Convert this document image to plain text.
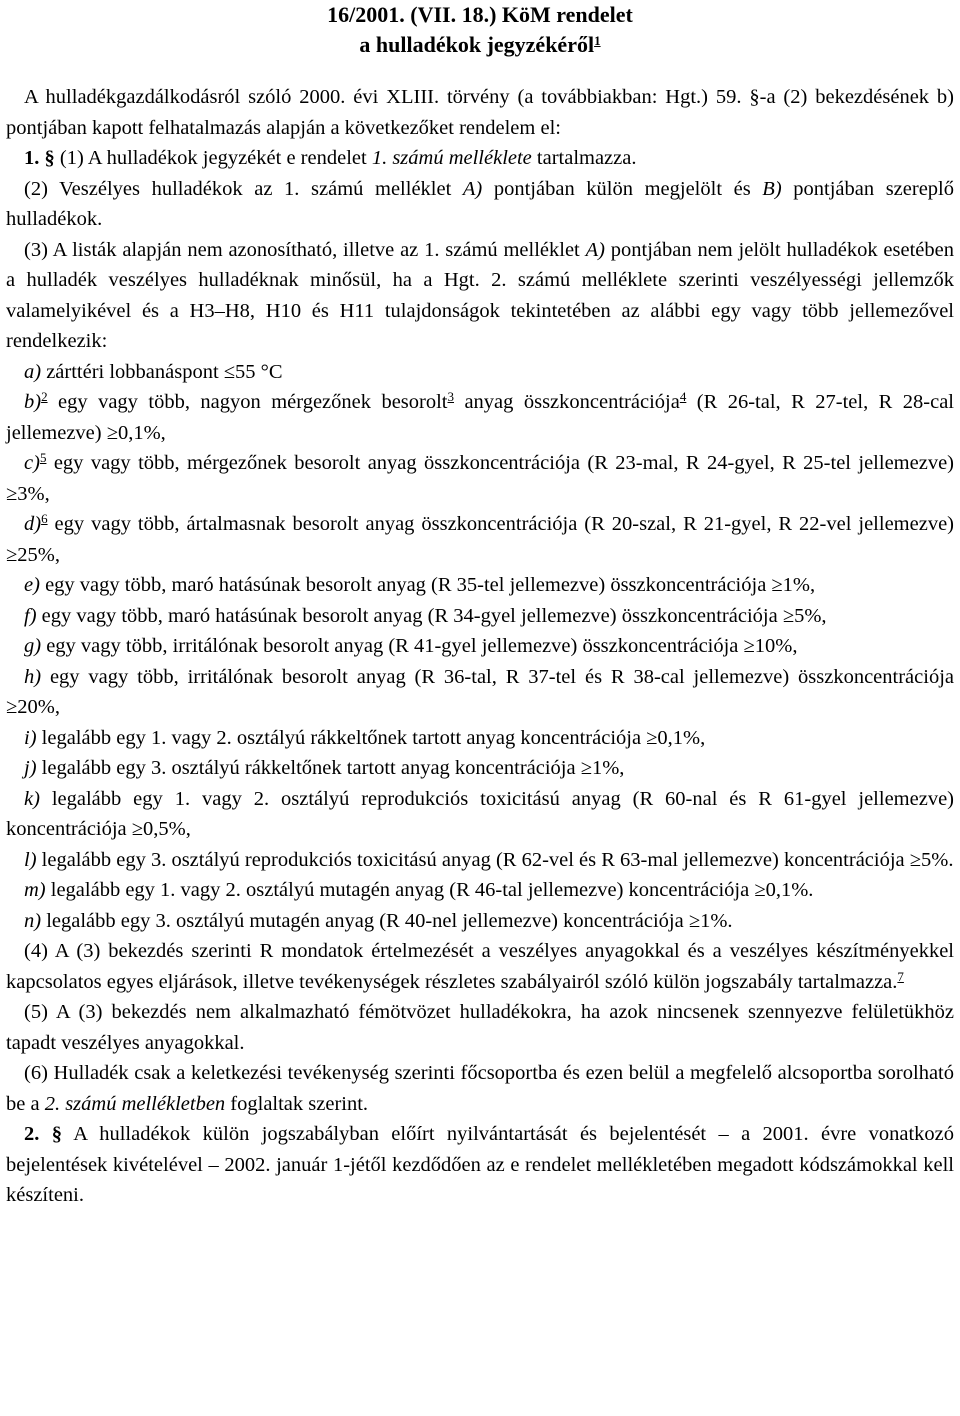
16/2001. (VII. 18.) KöM rendelet
a hulladékok jegyzékéről$^1$

A hulladékgazdálkodásról szóló 2000. évi XLIII. törvény (a továbbiakban: Hgt.) 59. §-a (2) bekezdésének b) pontjában kapott felhatalmazás alapján a következőket rendelem el:

1. § (1) A hulladékok jegyzékét e rendelet 1. számú melléklete tartalmazza.

(2) Veszélyes hulladékok az 1. számú melléklet A) pontjában külön megjelölt és B) pontjában szereplő hulladékok.

(3) A listák alapján nem azonosítható, illetve az 1. számú melléklet A) pontjában nem jelölt hulladékok esetében a hulladék veszélyes hulladéknak minősül, ha a Hgt. 2. számú melléklete szerinti veszélyességi jellemzők valamelyikével és a H3–H8, H10 és H11 tulajdonságok tekintetében az alábbi egy vagy több jellemezővel rendelkezik:

a) zárttéri lobbanáspont ≤55 °C

b)$^2$ egy vagy több, nagyon mérgezőnek besorolt$^3$ anyag összkoncentrációja$^4$ (R 26-tal, R 27-tel, R 28-cal jellemezve) ≥0,1%,

c)$^5$ egy vagy több, mérgezőnek besorolt anyag összkoncentrációja (R 23-mal, R 24-gyel, R 25-tel jellemezve) ≥3%,

d)$^6$ egy vagy több, ártalmasnak besorolt anyag összkoncentrációja (R 20-szal, R 21-gyel, R 22-vel jellemezve) ≥25%,

e) egy vagy több, maró hatásúnak besorolt anyag (R 35-tel jellemezve) összkoncentrációja ≥1%,

f) egy vagy több, maró hatásúnak besorolt anyag (R 34-gyel jellemezve) összkoncentrációja ≥5%,

g) egy vagy több, irritálónak besorolt anyag (R 41-gyel jellemezve) összkoncentrációja ≥10%,

h) egy vagy több, irritálónak besorolt anyag (R 36-tal, R 37-tel és R 38-cal jellemezve) összkoncentrációja ≥20%,

i) legalább egy 1. vagy 2. osztályú rákkeltőnek tartott anyag koncentrációja ≥0,1%,

j) legalább egy 3. osztályú rákkeltőnek tartott anyag koncentrációja ≥1%,

k) legalább egy 1. vagy 2. osztályú reprodukciós toxicitású anyag (R 60-nal és R 61-gyel jellemezve) koncentrációja ≥0,5%,

l) legalább egy 3. osztályú reprodukciós toxicitású anyag (R 62-vel és R 63-mal jellemezve) koncentrációja ≥5%.

m) legalább egy 1. vagy 2. osztályú mutagén anyag (R 46-tal jellemezve) koncentrációja ≥0,1%.

n) legalább egy 3. osztályú mutagén anyag (R 40-nel jellemezve) koncentrációja ≥1%.

(4) A (3) bekezdés szerinti R mondatok értelmezését a veszélyes anyagokkal és a veszélyes készítményekkel kapcsolatos egyes eljárások, illetve tevékenységek részletes szabályairól szóló külön jogszabály tartalmazza.$^7$

(5) A (3) bekezdés nem alkalmazható fémötvözet hulladékokra, ha azok nincsenek szennyezve felületükhöz tapadt veszélyes anyagokkal.

(6) Hulladék csak a keletkezési tevékenység szerinti főcsoportba és ezen belül a megfelelő alcsoportba sorolható be a 2. számú mellékletben foglaltak szerint.

2. § A hulladékok külön jogszabályban előírt nyilvántartását és bejelentését – a 2001. évre vonatkozó bejelentések kivételével – 2002. január 1-jétől kezdődően az e rendelet mellékletében megadott kódszámokkal kell készíteni.
